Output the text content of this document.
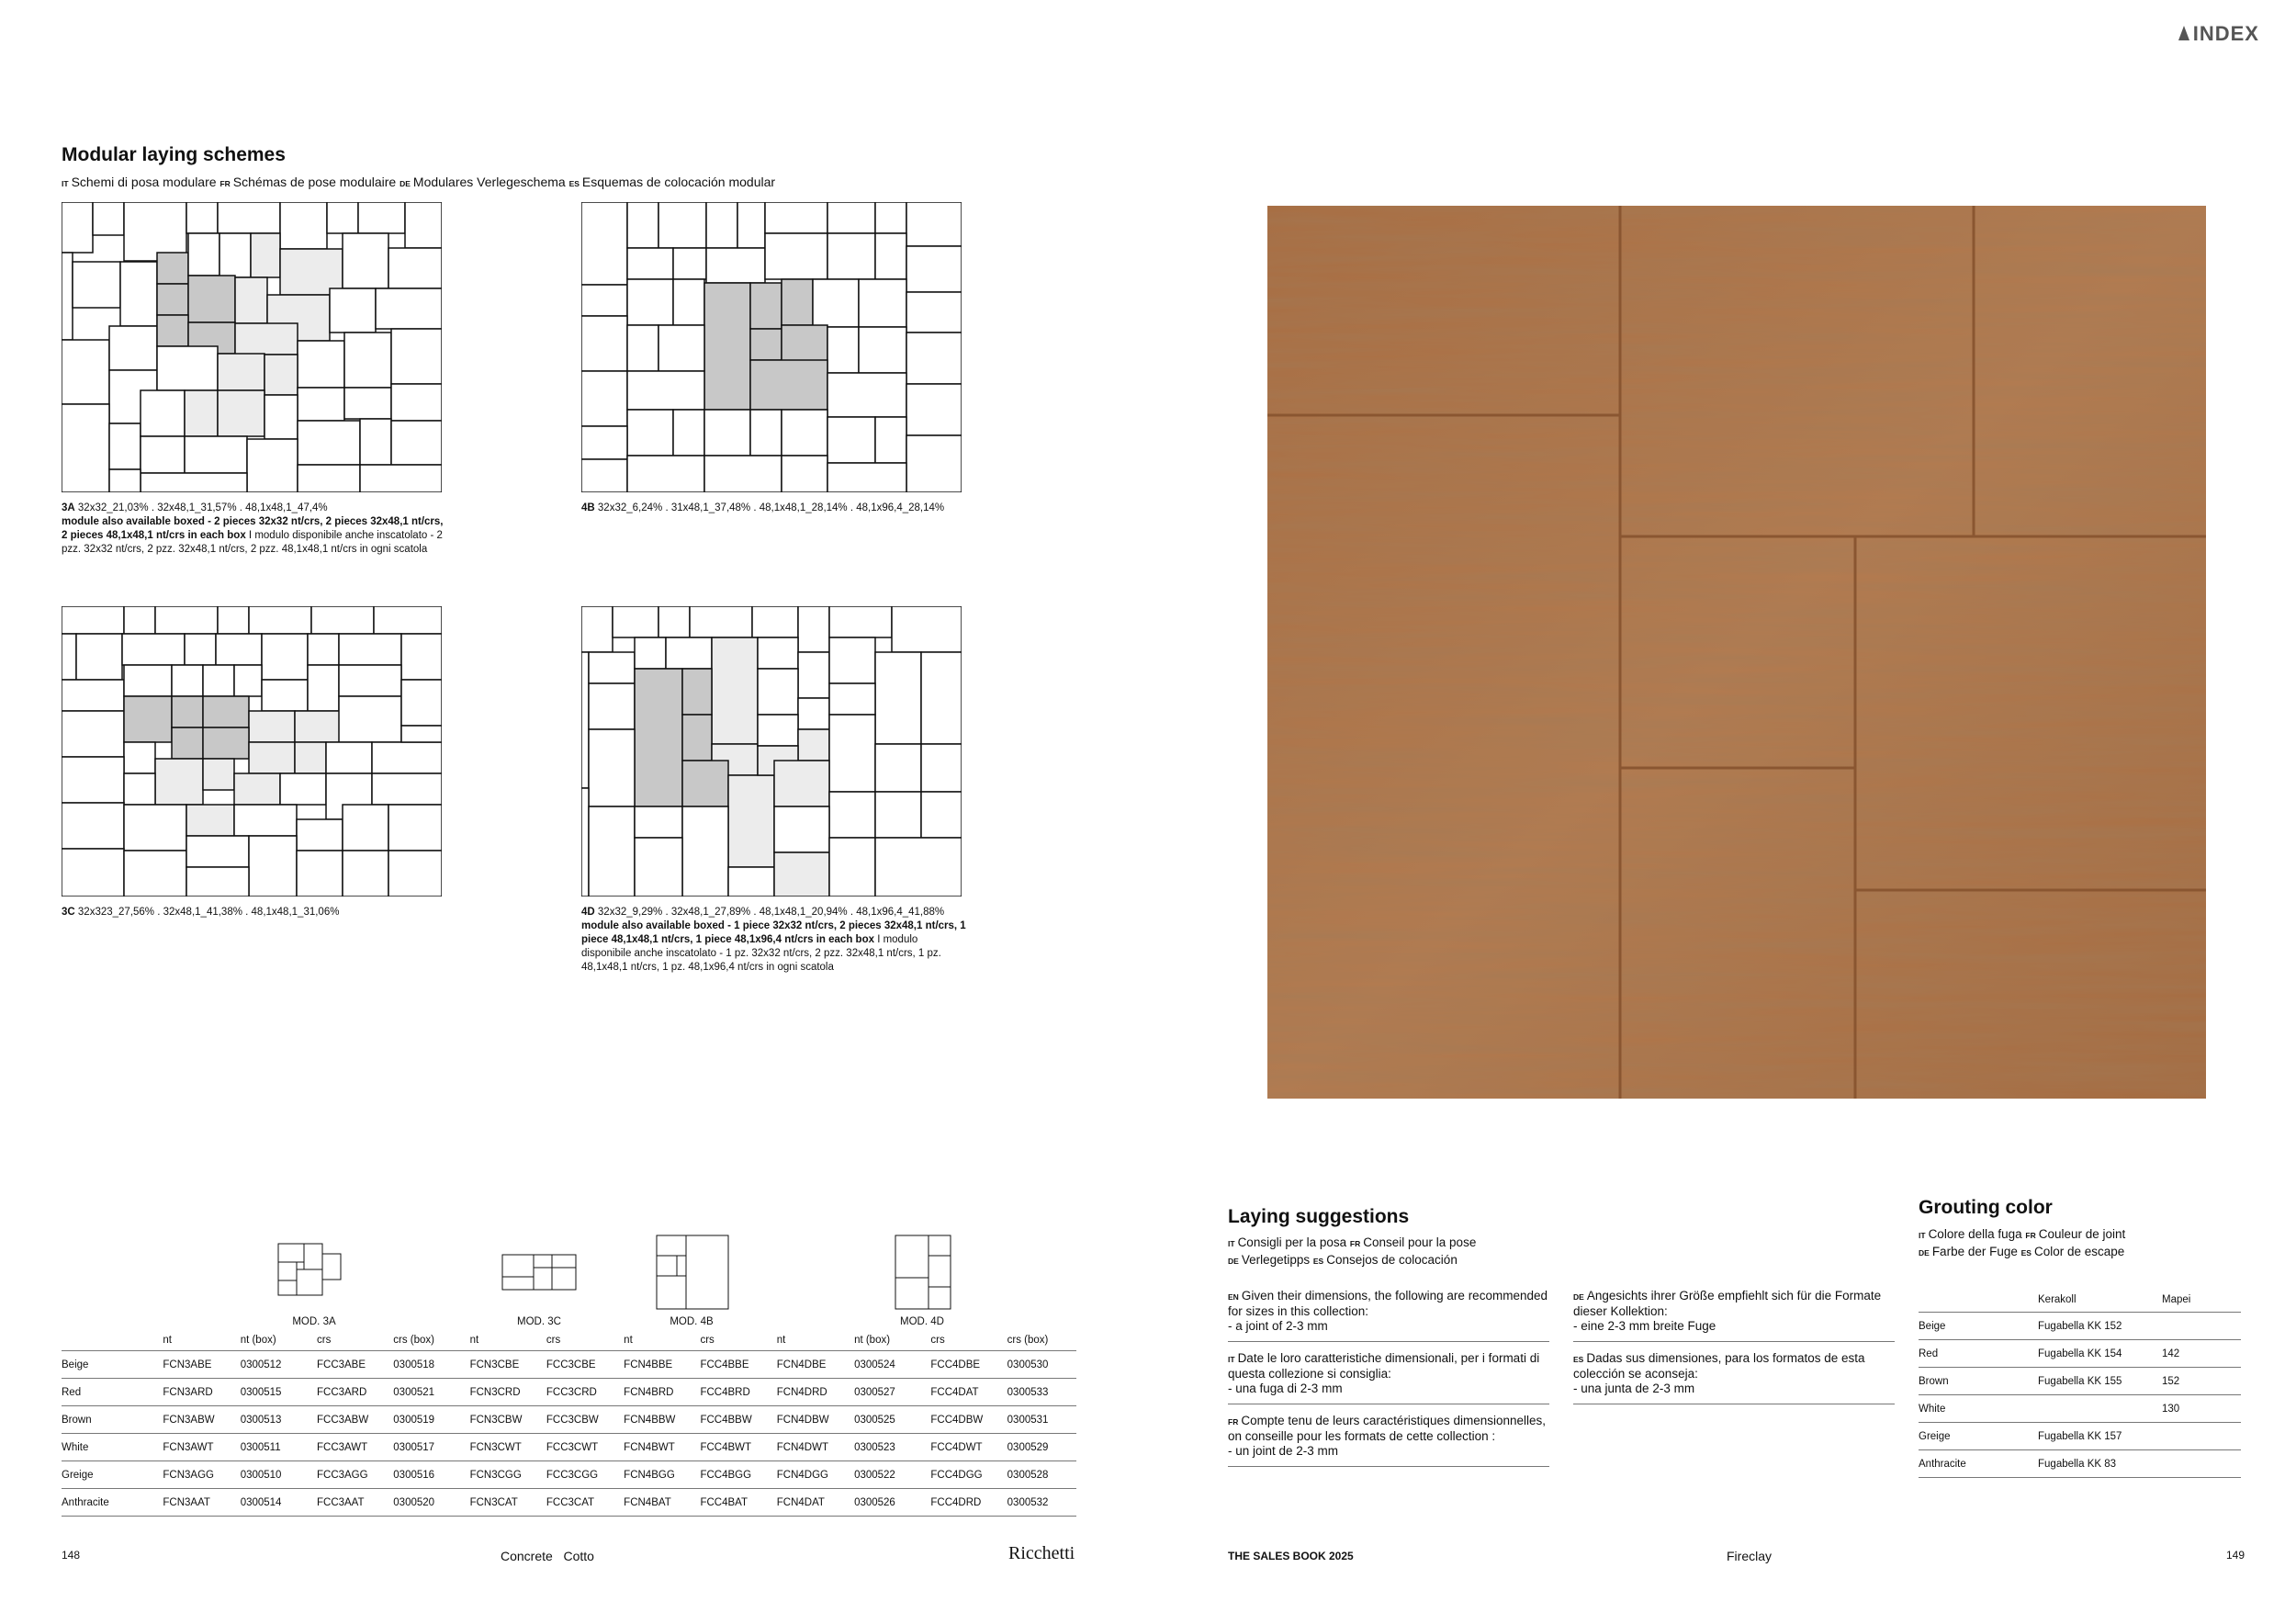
INDEX
Modular laying schemes
IT Schemi di posa modulare FR Schémas de pose modulaire DE Modulares Verlegeschema ES Esquemas de colocación modular
3A 32x32_21,03% . 32x48,1_31,57% . 48,1x48,1_47,4%
module also available boxed - 2 pieces 32x32 nt/crs, 2 pieces 32x48,1 nt/crs, 2 pieces 48,1x48,1 nt/crs in each box I modulo disponibile anche inscatolato - 2 pzz. 32x32 nt/crs, 2 pzz. 32x48,1 nt/crs, 2 pzz. 48,1x48,1 nt/crs in ogni scatola
4B 32x32_6,24% . 31x48,1_37,48% . 48,1x48,1_28,14% . 48,1x96,4_28,14%
3C 32x323_27,56% . 32x48,1_41,38% . 48,1x48,1_31,06%	4D 32x32_9,29% . 32x48,1_27,89% . 48,1x48,1_20,94% . 48,1x96,4_41,88%
module also available boxed - 1 piece 32x32 nt/crs, 2 pieces 32x48,1 nt/crs, 1 piece 48,1x48,1 nt/crs, 1 piece 48,1x96,4 nt/crs in each box I modulo disponibile anche inscatolato - 1 pz. 32x32 nt/crs, 2 pzz. 32x48,1 nt/crs, 1 pz. 48,1x48,1 nt/crs, 1 pz. 48,1x96,4 nt/crs in ogni scatola
MOD. 3A	MOD. 3C	MOD. 4B	MOD. 4D
	nt	nt (box)	crs	crs (box)	nt	crs	nt	crs	nt	nt (box)	crs	crs (box)
Beige	FCN3ABE	0300512	FCC3ABE	0300518	FCN3CBE	FCC3CBE	FCN4BBE	FCC4BBE	FCN4DBE	0300524	FCC4DBE	0300530
Red	FCN3ARD	0300515	FCC3ARD	0300521	FCN3CRD	FCC3CRD	FCN4BRD	FCC4BRD	FCN4DRD	0300527	FCC4DAT	0300533
Brown	FCN3ABW	0300513	FCC3ABW	0300519	FCN3CBW	FCC3CBW	FCN4BBW	FCC4BBW	FCN4DBW	0300525	FCC4DBW	0300531
White	FCN3AWT	0300511	FCC3AWT	0300517	FCN3CWT	FCC3CWT	FCN4BWT	FCC4BWT	FCN4DWT	0300523	FCC4DWT	0300529
Greige	FCN3AGG	0300510	FCC3AGG	0300516	FCN3CGG	FCC3CGG	FCN4BGG	FCC4BGG	FCN4DGG	0300522	FCC4DGG	0300528
Anthracite	FCN3AAT	0300514	FCC3AAT	0300520	FCN3CAT	FCC3CAT	FCN4BAT	FCC4BAT	FCN4DAT	0300526	FCC4DRD	0300532
Laying suggestions
IT Consigli per la posa FR Conseil pour la pose
DE Verlegetipps ES Consejos de colocación
EN Given their dimensions, the following are recommended for sizes in this collection:
- a joint of 2-3 mm
IT Date le loro caratteristiche dimensionali, per i formati di questa collezione si consiglia:
- una fuga di 2-3 mm
FR Compte tenu de leurs caractéristiques dimensionnelles, on conseille pour les formats de cette collection :
- un joint de 2-3 mm
DE Angesichts ihrer Größe empfiehlt sich für die Formate dieser Kollektion:
- eine 2-3 mm breite Fuge
ES Dadas sus dimensiones, para los formatos de esta colección se aconseja:
- una junta de 2-3 mm
Grouting color
IT Colore della fuga FR Couleur de joint
DE Farbe der Fuge ES Color de escape
	Kerakoll	Mapei
Beige	Fugabella KK 152	
Red	Fugabella KK 154	142
Brown	Fugabella KK 155	152
White		130
Greige	Fugabella KK 157	
Anthracite	Fugabella KK 83	
148	Concrete Cotto	Ricchetti	THE SALES BOOK 2025	Fireclay	149
